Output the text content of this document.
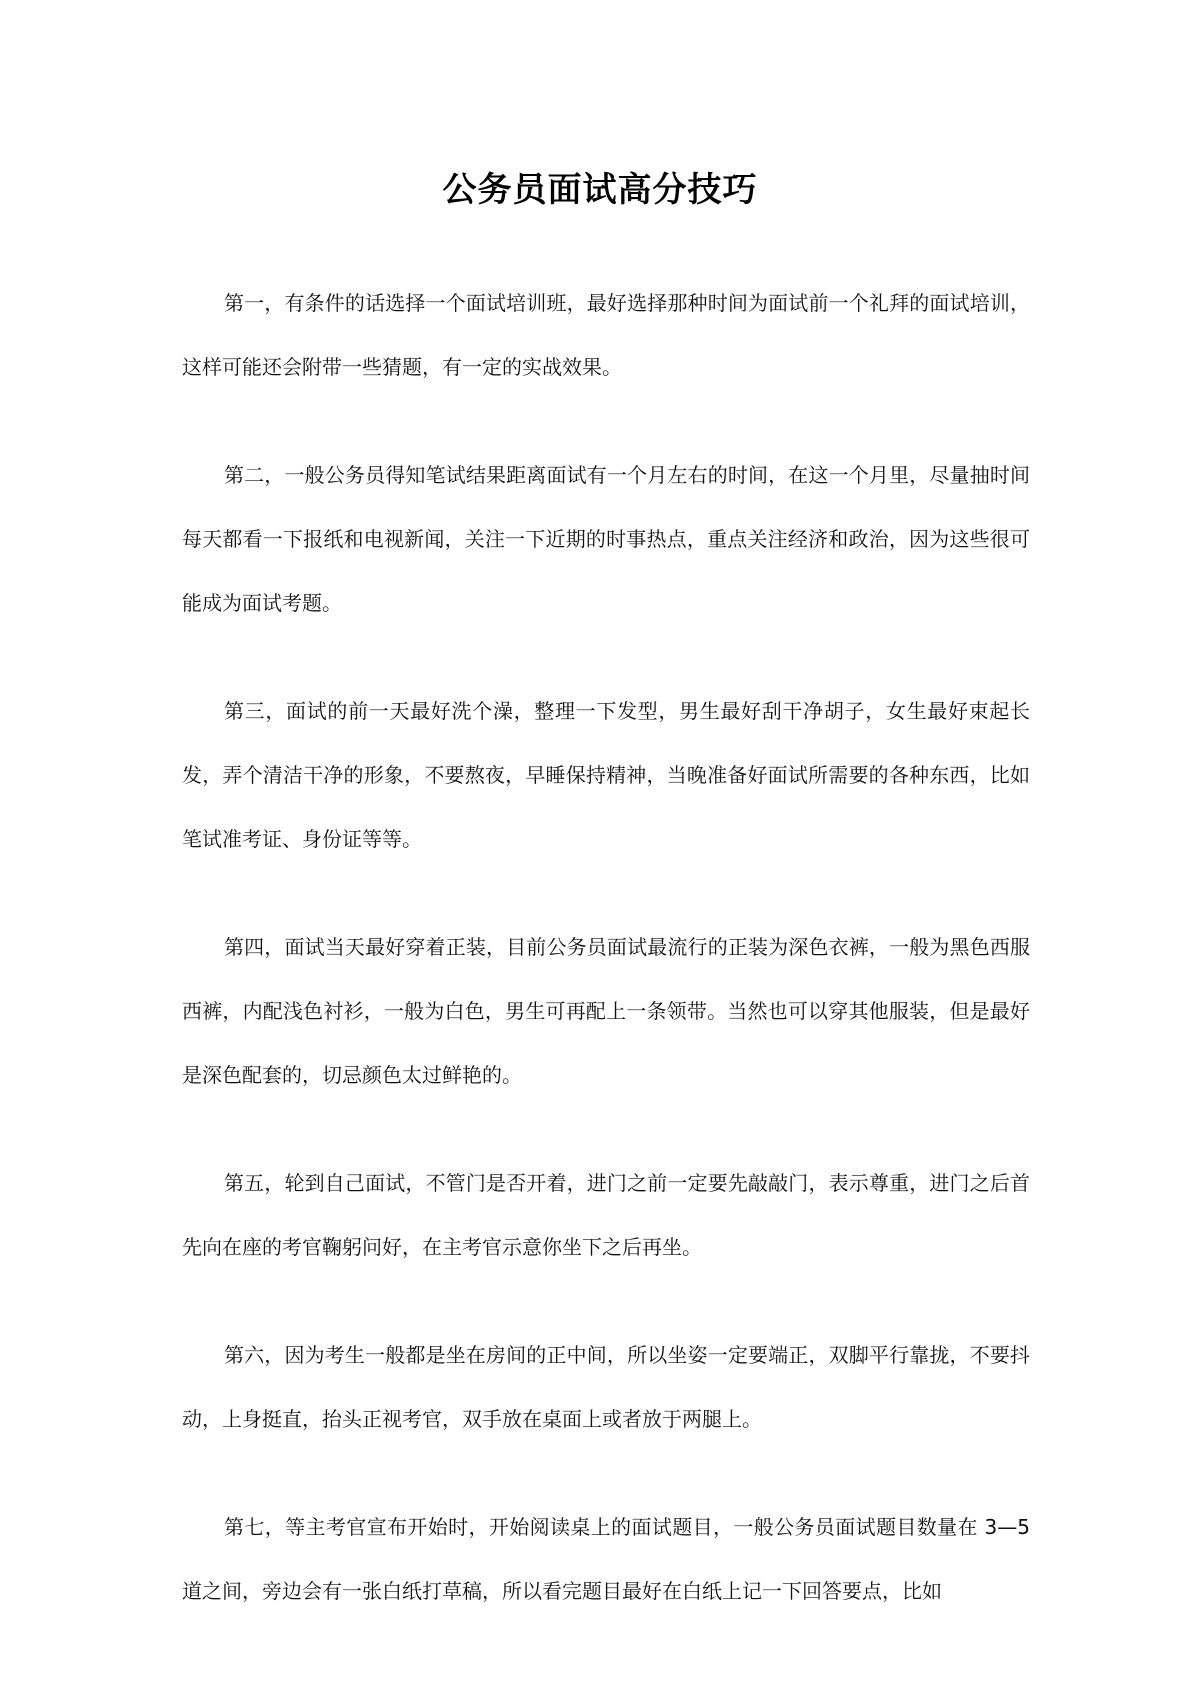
公务员面试高分技巧

第一，有条件的话选择一个面试培训班，最好选择那种时间为面试前一个礼拜的面试培训，这样可能还会附带一些猜题，有一定的实战效果。

第二，一般公务员得知笔试结果距离面试有一个月左右的时间，在这一个月里，尽量抽时间每天都看一下报纸和电视新闻，关注一下近期的时事热点，重点关注经济和政治，因为这些很可能成为面试考题。

第三，面试的前一天最好洗个澡，整理一下发型，男生最好刮干净胡子，女生最好束起长发，弄个清洁干净的形象，不要熬夜，早睡保持精神，当晚准备好面试所需要的各种东西，比如笔试准考证、身份证等等。

第四，面试当天最好穿着正装，目前公务员面试最流行的正装为深色衣裤，一般为黑色西服西裤，内配浅色衬衫，一般为白色，男生可再配上一条领带。当然也可以穿其他服装，但是最好是深色配套的，切忌颜色太过鲜艳的。

第五，轮到自己面试，不管门是否开着，进门之前一定要先敲敲门，表示尊重，进门之后首先向在座的考官鞠躬问好，在主考官示意你坐下之后再坐。

第六，因为考生一般都是坐在房间的正中间，所以坐姿一定要端正，双脚平行靠拢，不要抖动，上身挺直，抬头正视考官，双手放在桌面上或者放于两腿上。

第七，等主考官宣布开始时，开始阅读桌上的面试题目，一般公务员面试题目数量在 3—5 道之间，旁边会有一张白纸打草稿，所以看完题目最好在白纸上记一下回答要点，比如
